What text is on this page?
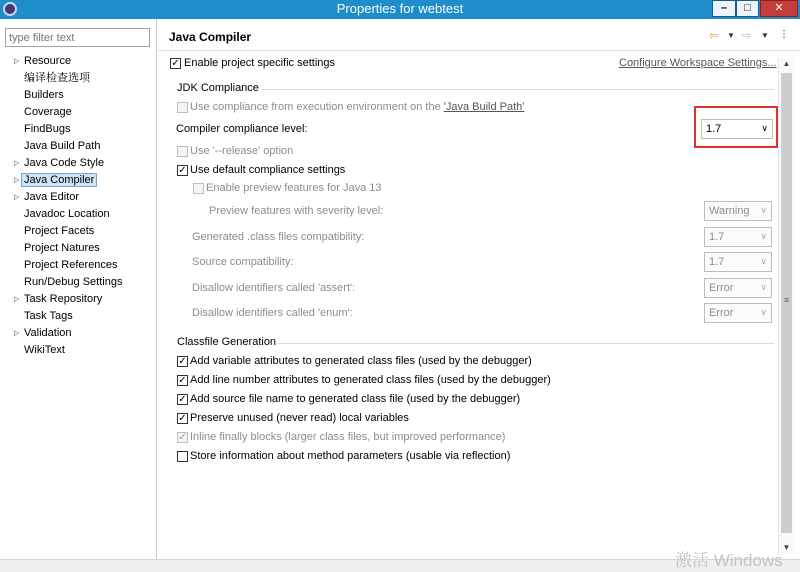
Properties for webtest	–	□	✕
type filter text
▷ Resource
编译检查选项
Builders
Coverage
FindBugs
Java Build Path
▷ Java Code Style
▷ Java Compiler
▷ Java Editor
Javadoc Location
Project Facets
Project Natures
Project References
Run/Debug Settings
▷ Task Repository
Task Tags
▷ Validation
WikiText
Java Compiler	⇦ ▼ ⇨ ▼ ⋮
✓ Enable project specific settings	Configure Workspace Settings...
JDK Compliance
Use compliance from execution environment on the 'Java Build Path'
Compiler compliance level:	1.7	∨
Use '--release' option
✓ Use default compliance settings
Enable preview features for Java 13
Preview features with severity level:	Warning ∨
Generated .class files compatibility:	1.7	∨
Source compatibility:	1.7	∨
Disallow identifiers called 'assert':	Error	∨
Disallow identifiers called 'enum':	Error	∨
Classfile Generation
✓ Add variable attributes to generated class files (used by the debugger)
✓ Add line number attributes to generated class files (used by the debugger)
✓ Add source file name to generated class file (used by the debugger)
✓ Preserve unused (never read) local variables
✓ Inline finally blocks (larger class files, but improved performance)
Store information about method parameters (usable via reflection)
▲
≡
▼
激活 Windows
